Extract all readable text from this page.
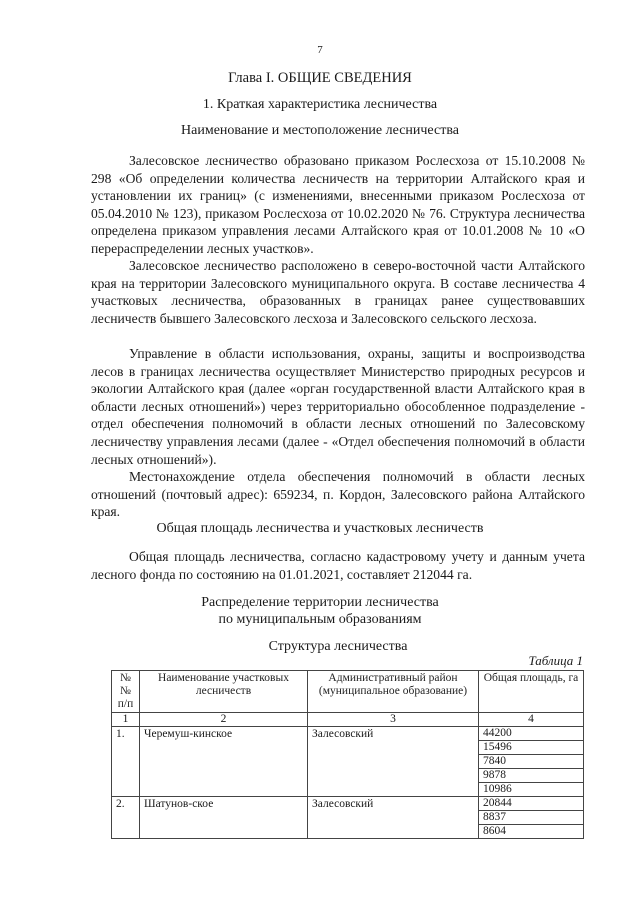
7
Глава I. ОБЩИЕ СВЕДЕНИЯ
1. Краткая характеристика лесничества
Наименование и местоположение лесничества

Залесовское лесничество образовано приказом Рослесхоза от 15.10.2008 № 298 «Об определении количества лесничеств на территории Алтайского края и установлении их границ» (с изменениями, внесенными приказом Рослесхоза от 05.04.2010 № 123), приказом Рослесхоза от 10.02.2020 № 76. Структура лесничества определена приказом управления лесами Алтайского края от 10.01.2008 № 10 «О перераспределении лесных участков».

Залесовское лесничество расположено в северо-восточной части Алтайского края на территории Залесовского муниципального округа. В составе лесничества 4 участковых лесничества, образованных в границах ранее существовавших лесничеств бывшего Залесовского лесхоза и Залесовского сельского лесхоза.

Управление в области использования, охраны, защиты и воспроизводства лесов в границах лесничества осуществляет Министерство природных ресурсов и экологии Алтайского края (далее «орган государственной власти Алтайского края в области лесных отношений») через территориально обособленное подразделение - отдел обеспечения полномочий в области лесных отношений по Залесовскому лесничеству управления лесами (далее - «Отдел обеспечения полномочий в области лесных отношений»).

Местонахождение отдела обеспечения полномочий в области лесных отношений (почтовый адрес): 659234, п. Кордон, Залесовского района Алтайского края.

Общая площадь лесничества и участковых лесничеств

Общая площадь лесничества, согласно кадастровому учету и данным учета лесного фонда по состоянию на 01.01.2021, составляет 212044 га.

Распределение территории лесничества
по муниципальным образованиям
Таблица 1
Структура лесничества
№ № п/п	Наименование участковых лесничеств	Административный район (муниципальное образование)	Общая площадь, га
1	2	3	4
1.	Черемуш-кинское	Залесовский	44200
15496
7840
9878
10986

2.	Шатунов-ское	Залесовский	20844
8837
8604
